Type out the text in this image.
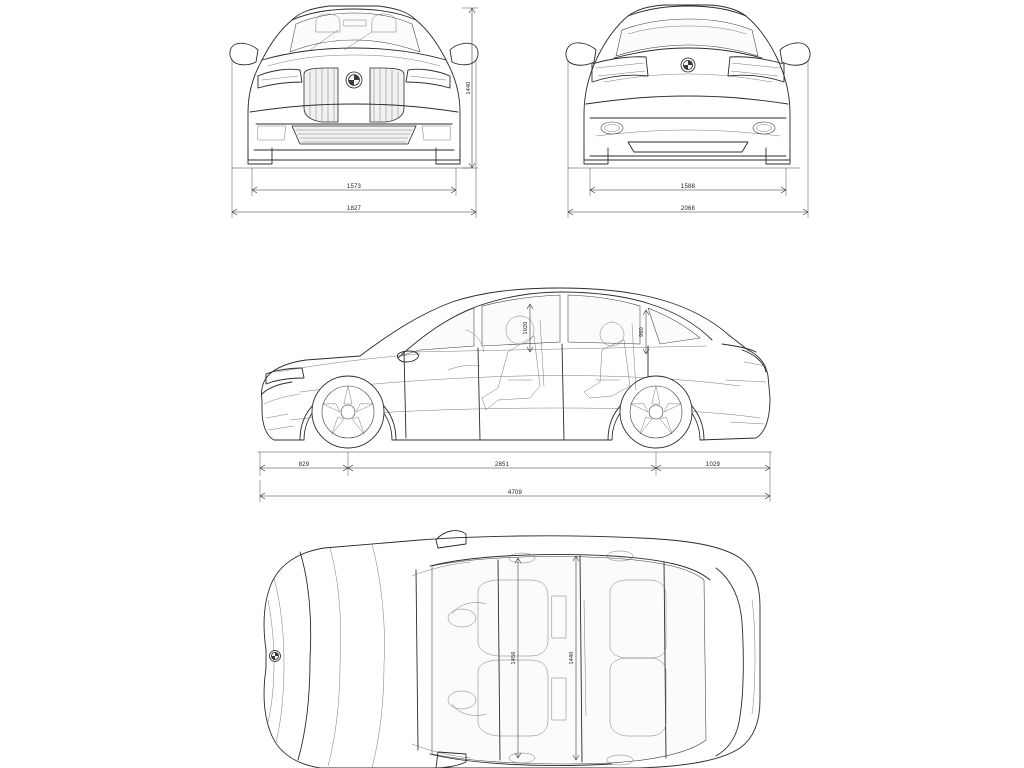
1440
1573
1827
1588
2068
1020	960
829	2851	1029
4709
1456	1440
